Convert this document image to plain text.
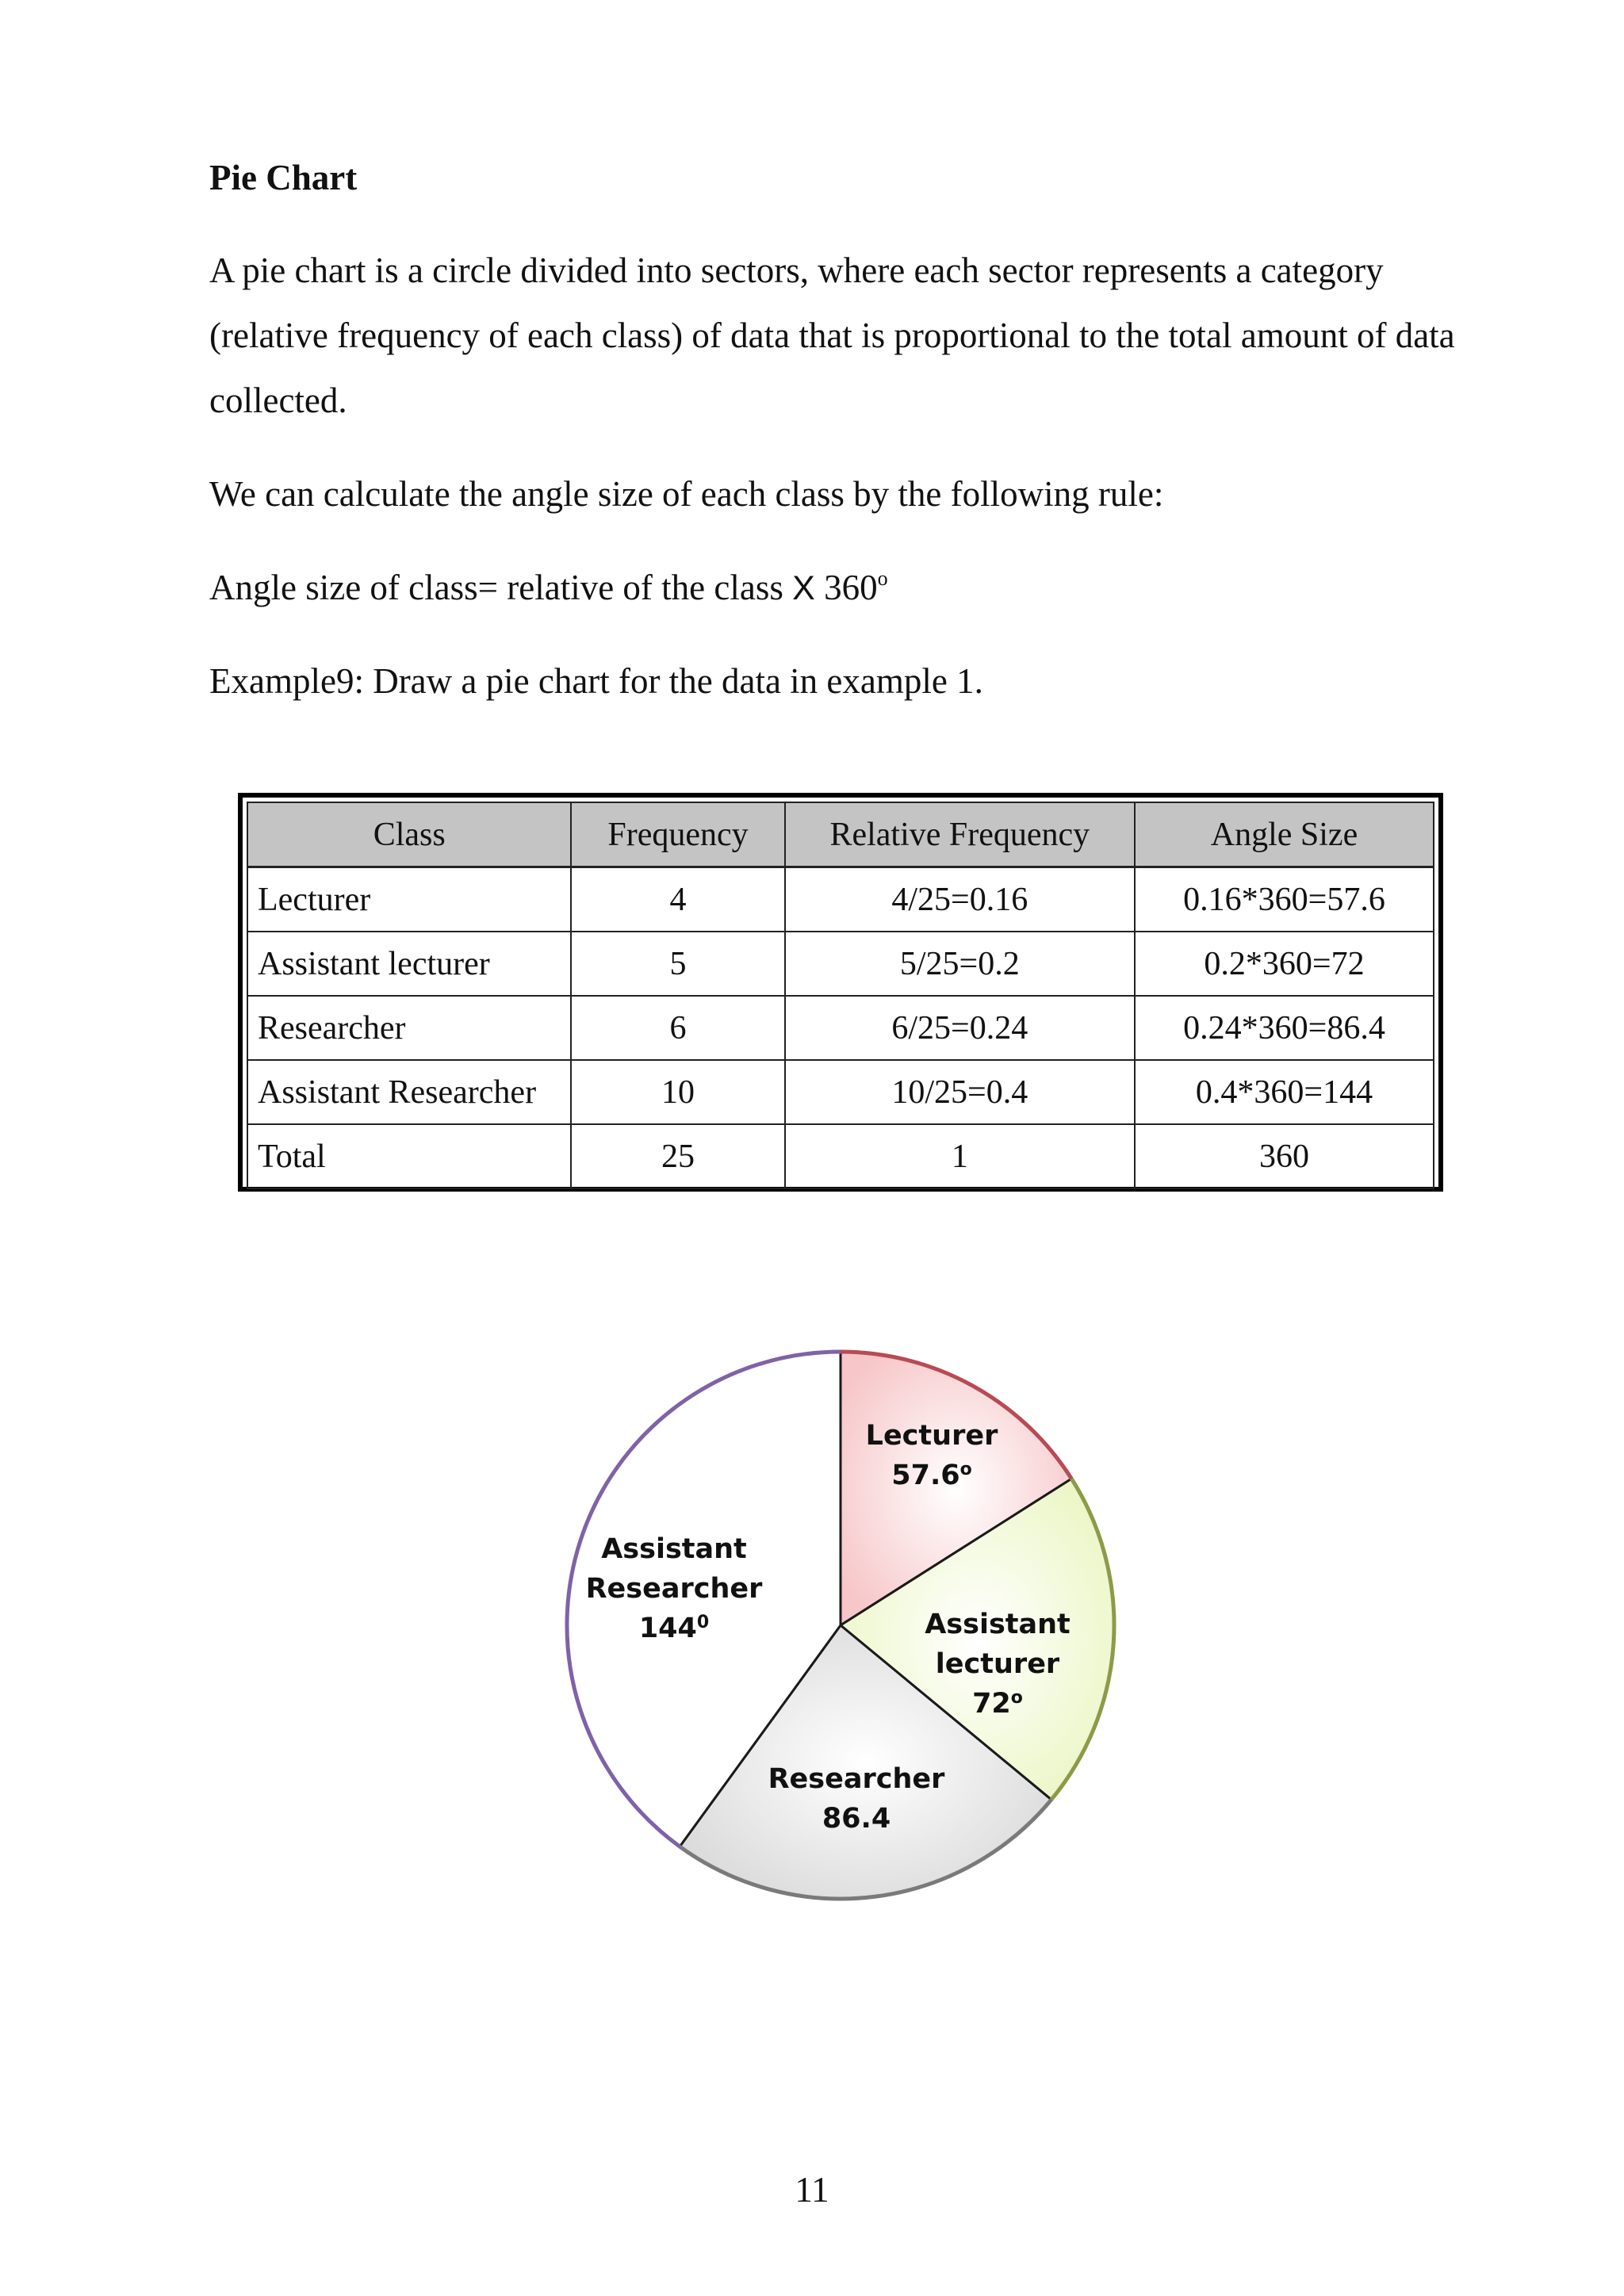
Pie Chart

A pie chart is a circle divided into sectors, where each sector represents a category (relative frequency of each class) of data that is proportional to the total amount of data collected.

We can calculate the angle size of each class by the following rule:

Angle size of class= relative of the class X 360$^o$

Example9: Draw a pie chart for the data in example 1.

Class	Frequency	Relative Frequency	Angle Size
Lecturer	4	4/25=0.16	0.16*360=57.6
Assistant lecturer	5	5/25=0.2	0.2*360=72
Researcher	6	6/25=0.24	0.24*360=86.4
Assistant Researcher	10	10/25=0.4	0.4*360=144
Total	25	1	360
Lecturer 57.6$^o$
Assistant lecturer 72$^o$
Researcher 86.4
Assistant Researcher $144^0$

11
